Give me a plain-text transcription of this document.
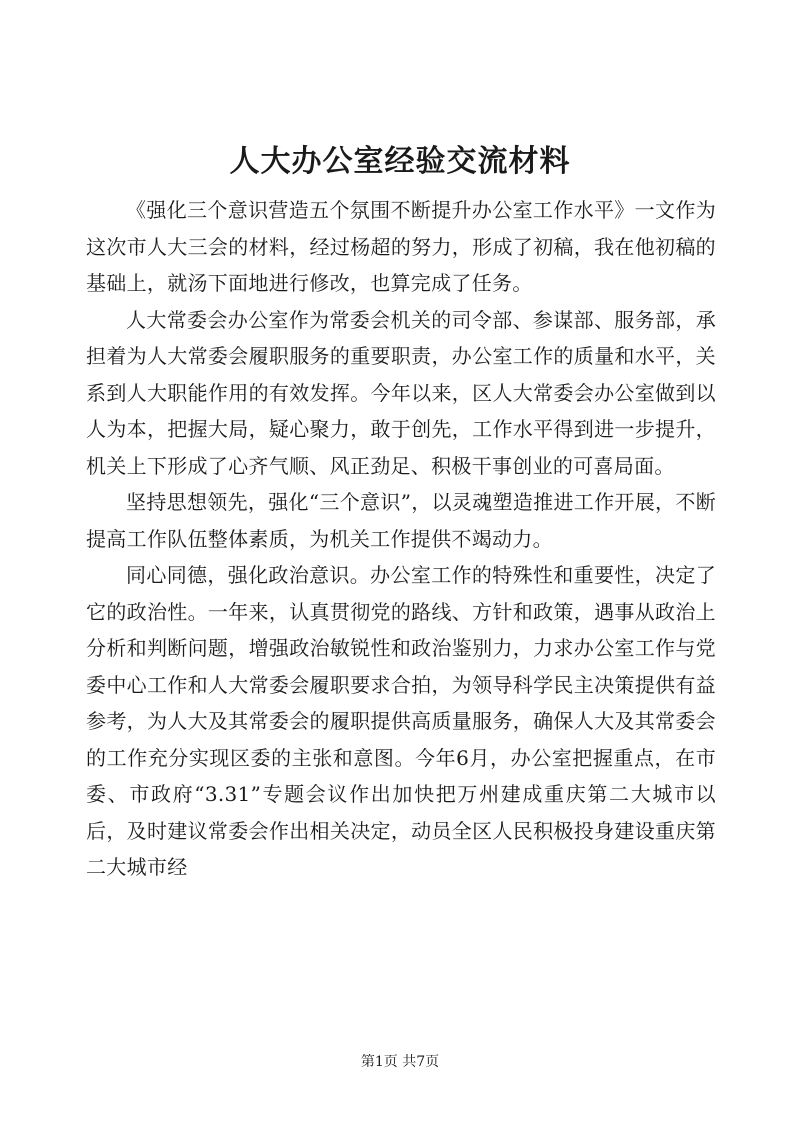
人大办公室经验交流材料

《强化三个意识营造五个氛围不断提升办公室工作水平》一文作为这次市人大三会的材料，经过杨超的努力，形成了初稿，我在他初稿的基础上，就汤下面地进行修改，也算完成了任务。

人大常委会办公室作为常委会机关的司令部、参谋部、服务部，承担着为人大常委会履职服务的重要职责，办公室工作的质量和水平，关系到人大职能作用的有效发挥。今年以来，区人大常委会办公室做到以人为本，把握大局，疑心聚力，敢于创先，工作水平得到进一步提升，机关上下形成了心齐气顺、风正劲足、积极干事创业的可喜局面。

坚持思想领先，强化“三个意识”，以灵魂塑造推进工作开展，不断提高工作队伍整体素质，为机关工作提供不竭动力。

同心同德，强化政治意识。办公室工作的特殊性和重要性，决定了它的政治性。一年来，认真贯彻党的路线、方针和政策，遇事从政治上分析和判断问题，增强政治敏锐性和政治鉴别力，力求办公室工作与党委中心工作和人大常委会履职要求合拍，为领导科学民主决策提供有益参考，为人大及其常委会的履职提供高质量服务，确保人大及其常委会的工作充分实现区委的主张和意图。今年6月，办公室把握重点，在市委、市政府“3.31”专题会议作出加快把万州建成重庆第二大城市以后，及时建议常委会作出相关决定，动员全区人民积极投身建设重庆第二大城市经

第1页 共7页
